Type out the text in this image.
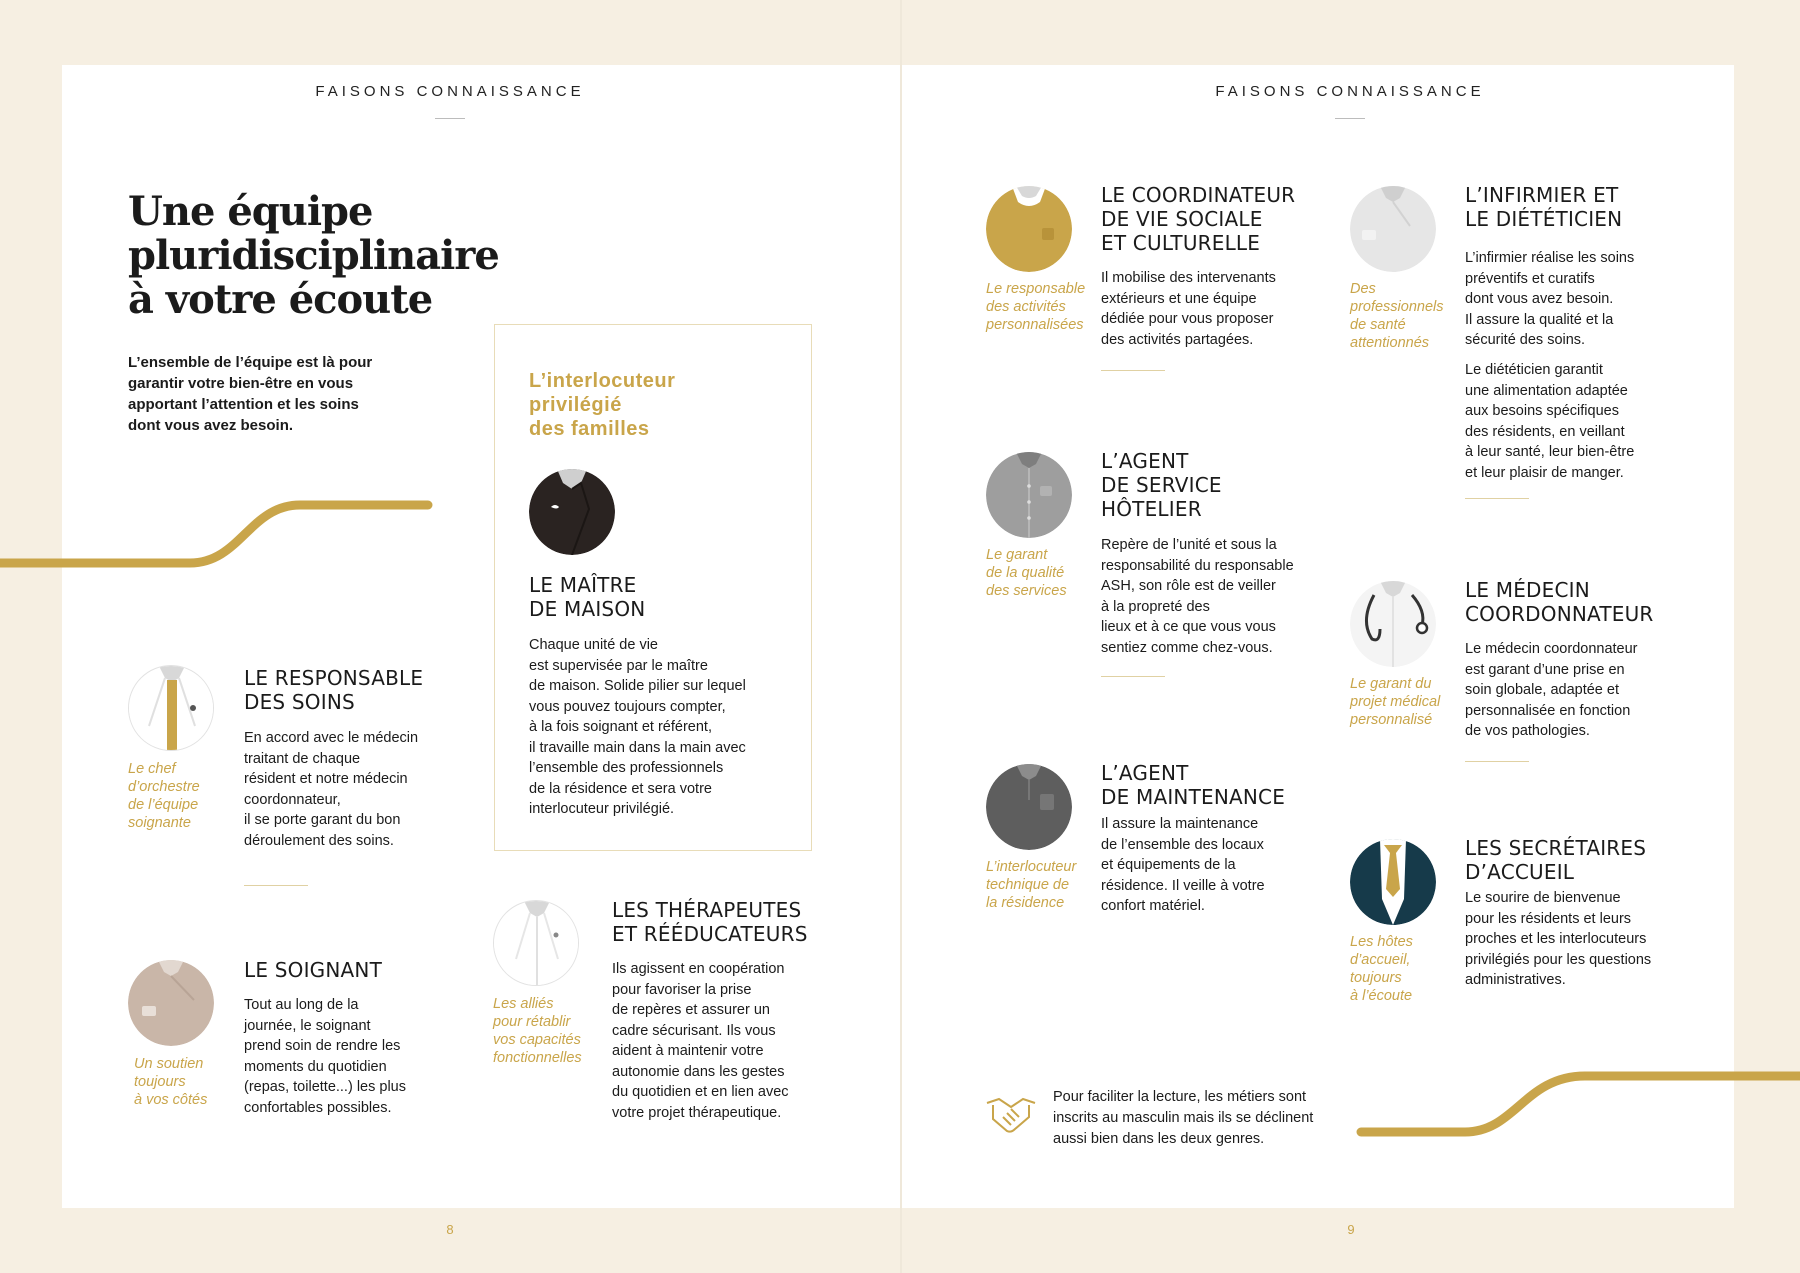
FAISONS CONNAISSANCE	FAISONS CONNAISSANCE
Une équipe
pluridisciplinaire
à votre écoute
L’ensemble de l’équipe est là pour
garantir votre bien-être en vous
apportant l’attention et les soins
dont vous avez besoin.
L’interlocuteur
privilégié
des familles
LE MAÎTRE
DE MAISON
Chaque unité de vie
est supervisée par le maître
de maison. Solide pilier sur lequel
vous pouvez toujours compter,
à la fois soignant et référent,
il travaille main dans la main avec
l’ensemble des professionnels
de la résidence et sera votre
interlocuteur privilégié.
Le chef
d’orchestre
de l’équipe
soignante
LE RESPONSABLE
DES SOINS
En accord avec le médecin
traitant de chaque
résident et notre médecin
coordonnateur,
il se porte garant du bon
déroulement des soins.
Un soutien
toujours
à vos côtés
LE SOIGNANT
Tout au long de la
journée, le soignant
prend soin de rendre les
moments du quotidien
(repas, toilette...) les plus
confortables possibles.
Les alliés
pour rétablir
vos capacités
fonctionnelles
LES THÉRAPEUTES
ET RÉÉDUCATEURS
Ils agissent en coopération
pour favoriser la prise
de repères et assurer un
cadre sécurisant. Ils vous
aident à maintenir votre
autonomie dans les gestes
du quotidien et en lien avec
votre projet thérapeutique.
8
Le responsable
des activités
personnalisées
LE COORDINATEUR
DE VIE SOCIALE
ET CULTURELLE
Il mobilise des intervenants
extérieurs et une équipe
dédiée pour vous proposer
des activités partagées.
Le garant
de la qualité
des services
L’AGENT
DE SERVICE
HÔTELIER
Repère de l’unité et sous la
responsabilité du responsable
ASH, son rôle est de veiller
à la propreté des
lieux et à ce que vous vous
sentiez comme chez-vous.
L’interlocuteur
technique de
la résidence
L’AGENT
DE MAINTENANCE
Il assure la maintenance
de l’ensemble des locaux
et équipements de la
résidence. Il veille à votre
confort matériel.
Des
professionnels
de santé
attentionnés
L’INFIRMIER ET
LE DIÉTÉTICIEN
L’infirmier réalise les soins
préventifs et curatifs
dont vous avez besoin.
Il assure la qualité et la
sécurité des soins.
Le diététicien garantit
une alimentation adaptée
aux besoins spécifiques
des résidents, en veillant
à leur santé, leur bien-être
et leur plaisir de manger.
Le garant du
projet médical
personnalisé
LE MÉDECIN
COORDONNATEUR
Le médecin coordonnateur
est garant d’une prise en
soin globale, adaptée et
personnalisée en fonction
de vos pathologies.
Les hôtes
d’accueil,
toujours
à l’écoute
LES SECRÉTAIRES
D’ACCUEIL
Le sourire de bienvenue
pour les résidents et leurs
proches et les interlocuteurs
privilégiés pour les questions
administratives.
Pour faciliter la lecture, les métiers sont
inscrits au masculin mais ils se déclinent
aussi bien dans les deux genres.
9
